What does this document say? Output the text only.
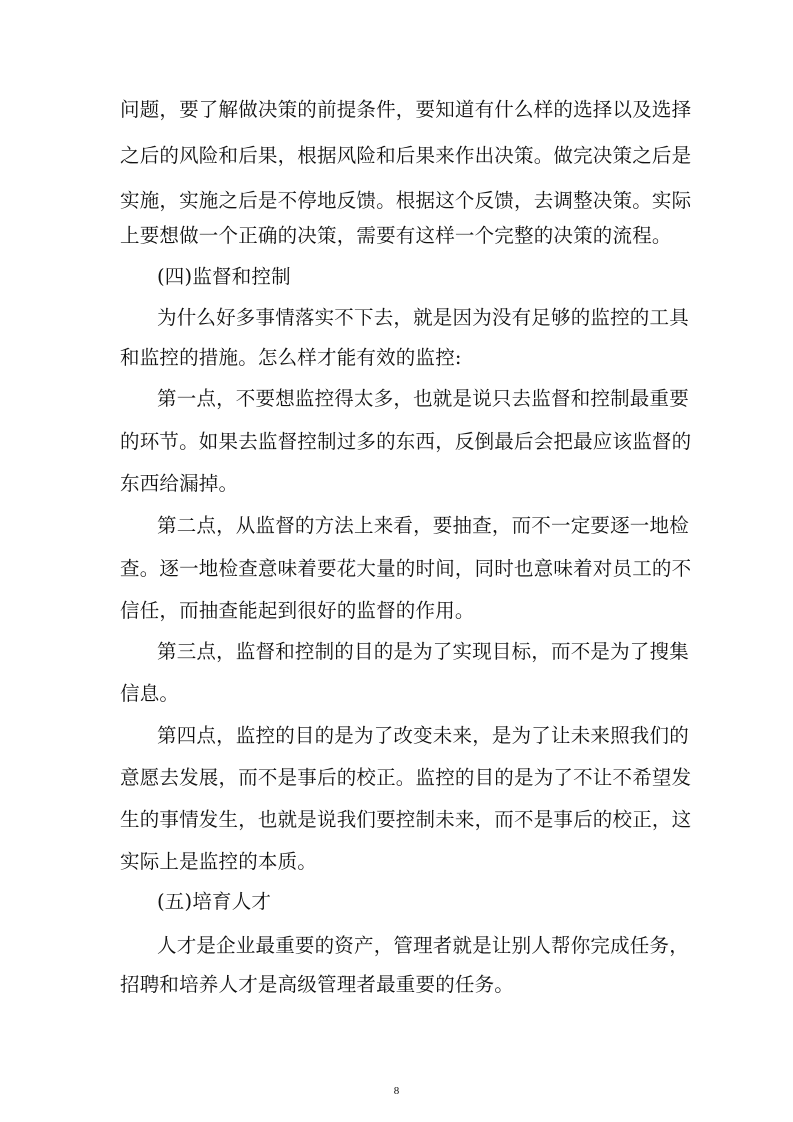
问题，要了解做决策的前提条件，要知道有什么样的选择以及选择
之后的风险和后果，根据风险和后果来作出决策。做完决策之后是
实施，实施之后是不停地反馈。根据这个反馈，去调整决策。实际
上要想做一个正确的决策，需要有这样一个完整的决策的流程。
(四)监督和控制
为什么好多事情落实不下去，就是因为没有足够的监控的工具
和监控的措施。怎么样才能有效的监控:
第一点，不要想监控得太多，也就是说只去监督和控制最重要
的环节。如果去监督控制过多的东西，反倒最后会把最应该监督的
东西给漏掉。
第二点，从监督的方法上来看，要抽查，而不一定要逐一地检
查。逐一地检查意味着要花大量的时间，同时也意味着对员工的不
信任，而抽查能起到很好的监督的作用。
第三点，监督和控制的目的是为了实现目标，而不是为了搜集
信息。
第四点，监控的目的是为了改变未来，是为了让未来照我们的
意愿去发展，而不是事后的校正。监控的目的是为了不让不希望发
生的事情发生，也就是说我们要控制未来，而不是事后的校正，这
实际上是监控的本质。
(五)培育人才
人才是企业最重要的资产，管理者就是让别人帮你完成任务，
招聘和培养人才是高级管理者最重要的任务。
8
